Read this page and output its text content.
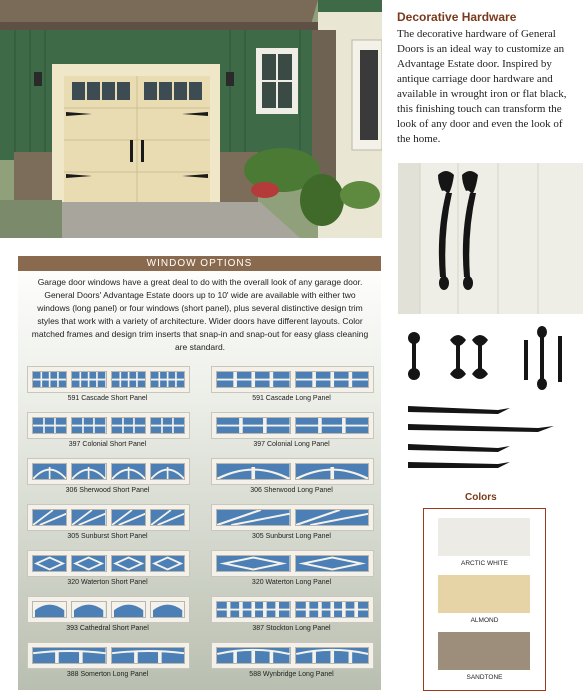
Decorative Hardware
The decorative hardware of General Doors is an ideal way to customize an Advantage Estate door. Inspired by antique carriage door hardware and available in wrought iron or flat black, this finishing touch can transform the look of any door and even the look of the home.
WINDOW OPTIONS
Garage door windows have a great deal to do with the overall look of any garage door. General Doors' Advantage Estate doors up to 10' wide are available with either two windows (long panel) or four windows (short panel), plus several distinctive design trim styles that work with a variety of architecture. Wider doors have different layouts. Color matched frames and design trim inserts that snap-in and snap-out for easy glass cleaning are standard.
591 Cascade Short Panel	591 Cascade Long Panel
397 Colonial Short Panel	397 Colonial Long Panel
306 Sherwood Short Panel	306 Sherwood Long Panel
305 Sunburst Short Panel	305 Sunburst Long Panel
320 Waterton Short Panel	320 Waterton Long Panel
393 Cathedral Short Panel	387 Stockton Long Panel
388 Somerton Long Panel	588 Wynbridge Long Panel
Colors
ARCTIC WHITE
ALMOND
SANDTONE
